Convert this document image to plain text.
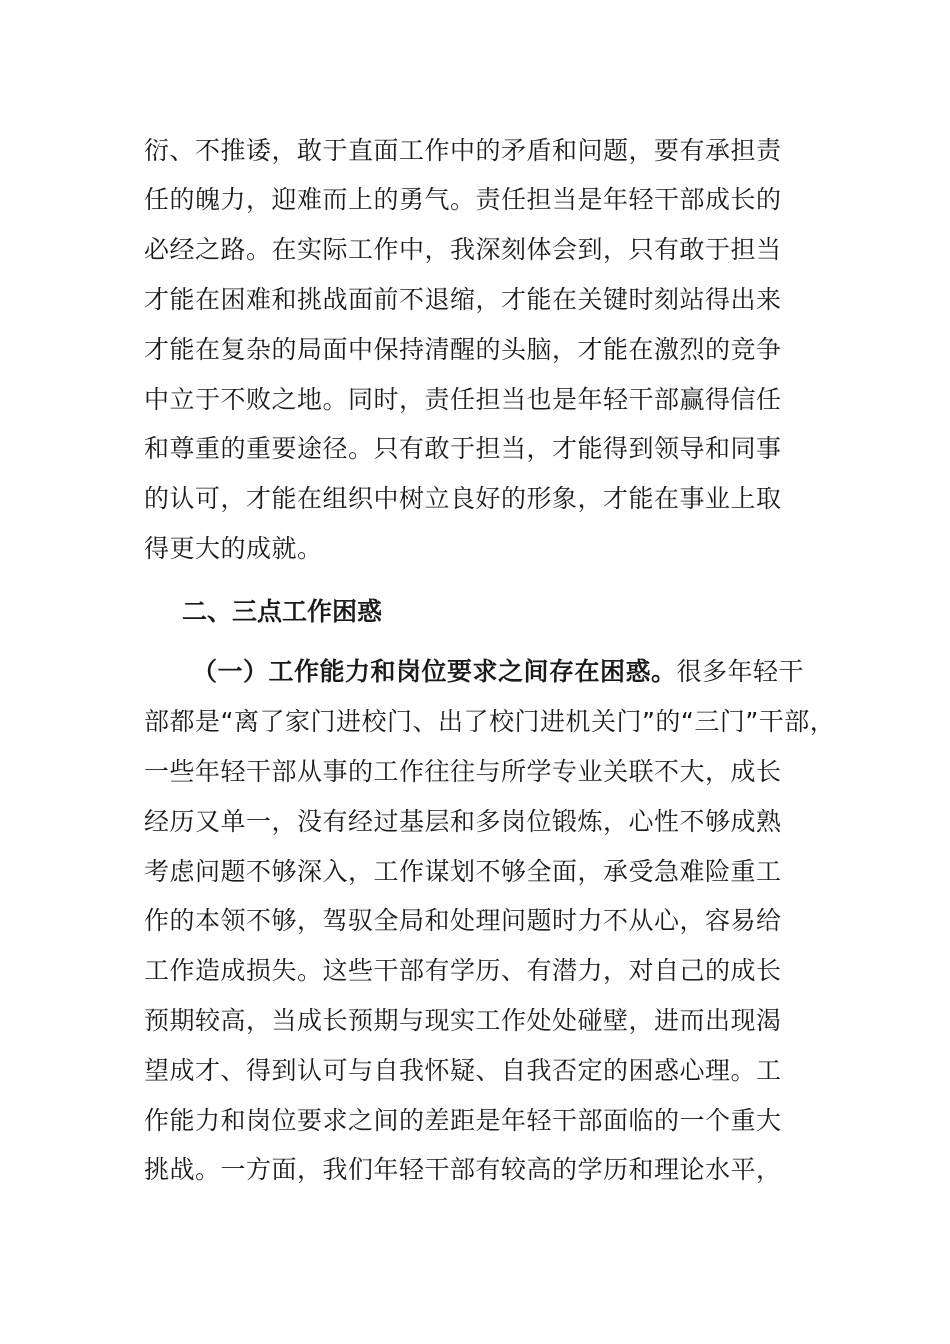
衍、不推诿，敢于直面工作中的矛盾和问题，要有承担责
任的魄力，迎难而上的勇气。责任担当是年轻干部成长的
必经之路。在实际工作中，我深刻体会到，只有敢于担当
才能在困难和挑战面前不退缩，才能在关键时刻站得出来
才能在复杂的局面中保持清醒的头脑，才能在激烈的竞争
中立于不败之地。同时，责任担当也是年轻干部赢得信任
和尊重的重要途径。只有敢于担当，才能得到领导和同事
的认可，才能在组织中树立良好的形象，才能在事业上取
得更大的成就。
二、三点工作困惑
（一）工作能力和岗位要求之间存在困惑。很多年轻干
部都是“离了家门进校门、出了校门进机关门”的“三门”干部，
一些年轻干部从事的工作往往与所学专业关联不大，成长
经历又单一，没有经过基层和多岗位锻炼，心性不够成熟
考虑问题不够深入，工作谋划不够全面，承受急难险重工
作的本领不够，驾驭全局和处理问题时力不从心，容易给
工作造成损失。这些干部有学历、有潜力，对自己的成长
预期较高，当成长预期与现实工作处处碰壁，进而出现渴
望成才、得到认可与自我怀疑、自我否定的困惑心理。工
作能力和岗位要求之间的差距是年轻干部面临的一个重大
挑战。一方面，我们年轻干部有较高的学历和理论水平，
